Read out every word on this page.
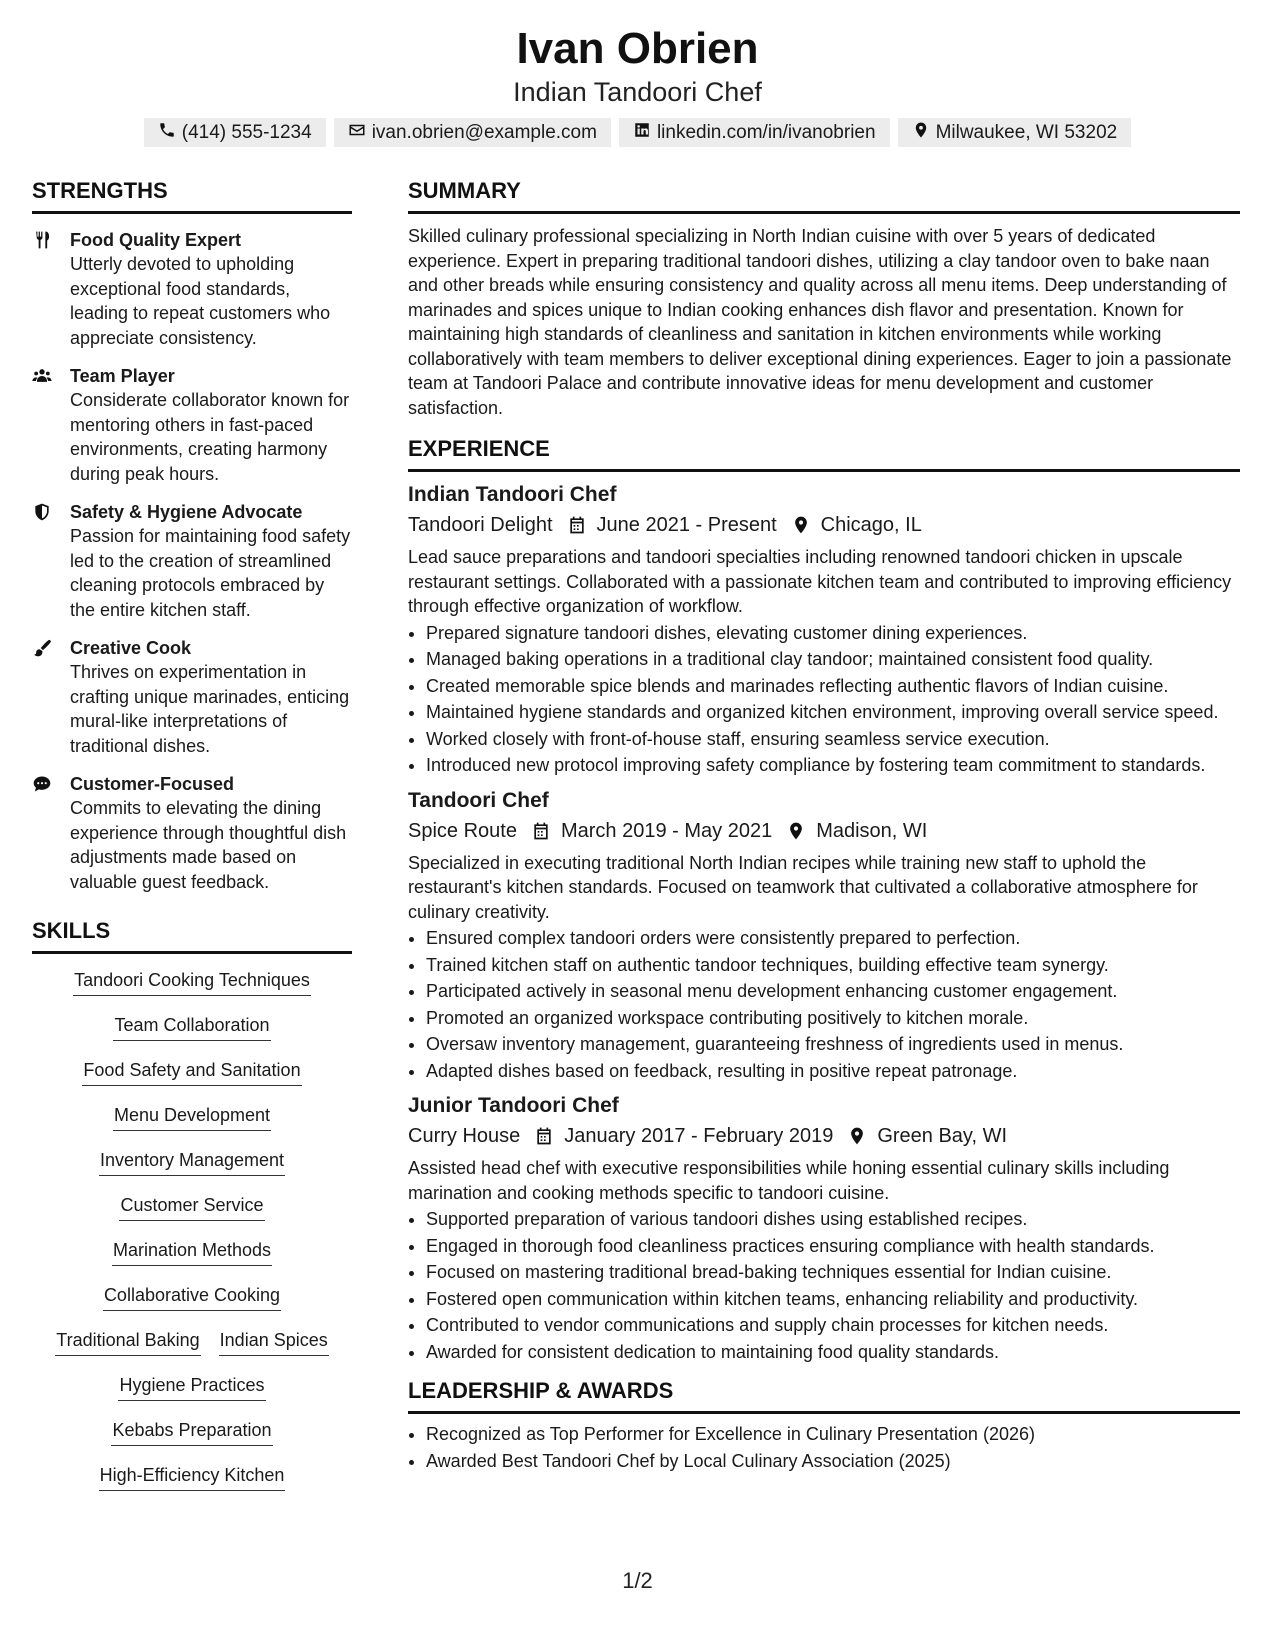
Ivan Obrien
Indian Tandoori Chef
(414) 555-1234	ivan.obrien@example.com	linkedin.com/in/ivanobrien	Milwaukee, WI 53202
STRENGTHS
Food Quality Expert
Utterly devoted to upholding exceptional food standards, leading to repeat customers who appreciate consistency.
Team Player
Considerate collaborator known for mentoring others in fast-paced environments, creating harmony during peak hours.
Safety & Hygiene Advocate
Passion for maintaining food safety led to the creation of streamlined cleaning protocols embraced by the entire kitchen staff.
Creative Cook
Thrives on experimentation in crafting unique marinades, enticing mural-like interpretations of traditional dishes.
Customer-Focused
Commits to elevating the dining experience through thoughtful dish adjustments made based on valuable guest feedback.
SKILLS
Tandoori Cooking Techniques
Team Collaboration
Food Safety and Sanitation
Menu Development
Inventory Management
Customer Service
Marination Methods
Collaborative Cooking
Traditional Baking Indian Spices
Hygiene Practices
Kebabs Preparation
High-Efficiency Kitchen
SUMMARY
Skilled culinary professional specializing in North Indian cuisine with over 5 years of dedicated experience. Expert in preparing traditional tandoori dishes, utilizing a clay tandoor oven to bake naan and other breads while ensuring consistency and quality across all menu items. Deep understanding of marinades and spices unique to Indian cooking enhances dish flavor and presentation. Known for maintaining high standards of cleanliness and sanitation in kitchen environments while working collaboratively with team members to deliver exceptional dining experiences. Eager to join a passionate team at Tandoori Palace and contribute innovative ideas for menu development and customer satisfaction.
EXPERIENCE
Indian Tandoori Chef
Tandoori Delight June 2021 - Present Chicago, IL
Lead sauce preparations and tandoori specialties including renowned tandoori chicken in upscale restaurant settings. Collaborated with a passionate kitchen team and contributed to improving efficiency through effective organization of workflow.
• Prepared signature tandoori dishes, elevating customer dining experiences.
• Managed baking operations in a traditional clay tandoor; maintained consistent food quality.
• Created memorable spice blends and marinades reflecting authentic flavors of Indian cuisine.
• Maintained hygiene standards and organized kitchen environment, improving overall service speed.
• Worked closely with front-of-house staff, ensuring seamless service execution.
• Introduced new protocol improving safety compliance by fostering team commitment to standards.
Tandoori Chef
Spice Route March 2019 - May 2021 Madison, WI
Specialized in executing traditional North Indian recipes while training new staff to uphold the restaurant's kitchen standards. Focused on teamwork that cultivated a collaborative atmosphere for culinary creativity.
• Ensured complex tandoori orders were consistently prepared to perfection.
• Trained kitchen staff on authentic tandoor techniques, building effective team synergy.
• Participated actively in seasonal menu development enhancing customer engagement.
• Promoted an organized workspace contributing positively to kitchen morale.
• Oversaw inventory management, guaranteeing freshness of ingredients used in menus.
• Adapted dishes based on feedback, resulting in positive repeat patronage.
Junior Tandoori Chef
Curry House January 2017 - February 2019 Green Bay, WI
Assisted head chef with executive responsibilities while honing essential culinary skills including marination and cooking methods specific to tandoori cuisine.
• Supported preparation of various tandoori dishes using established recipes.
• Engaged in thorough food cleanliness practices ensuring compliance with health standards.
• Focused on mastering traditional bread-baking techniques essential for Indian cuisine.
• Fostered open communication within kitchen teams, enhancing reliability and productivity.
• Contributed to vendor communications and supply chain processes for kitchen needs.
• Awarded for consistent dedication to maintaining food quality standards.
LEADERSHIP & AWARDS
• Recognized as Top Performer for Excellence in Culinary Presentation (2026)
• Awarded Best Tandoori Chef by Local Culinary Association (2025)
1/2
